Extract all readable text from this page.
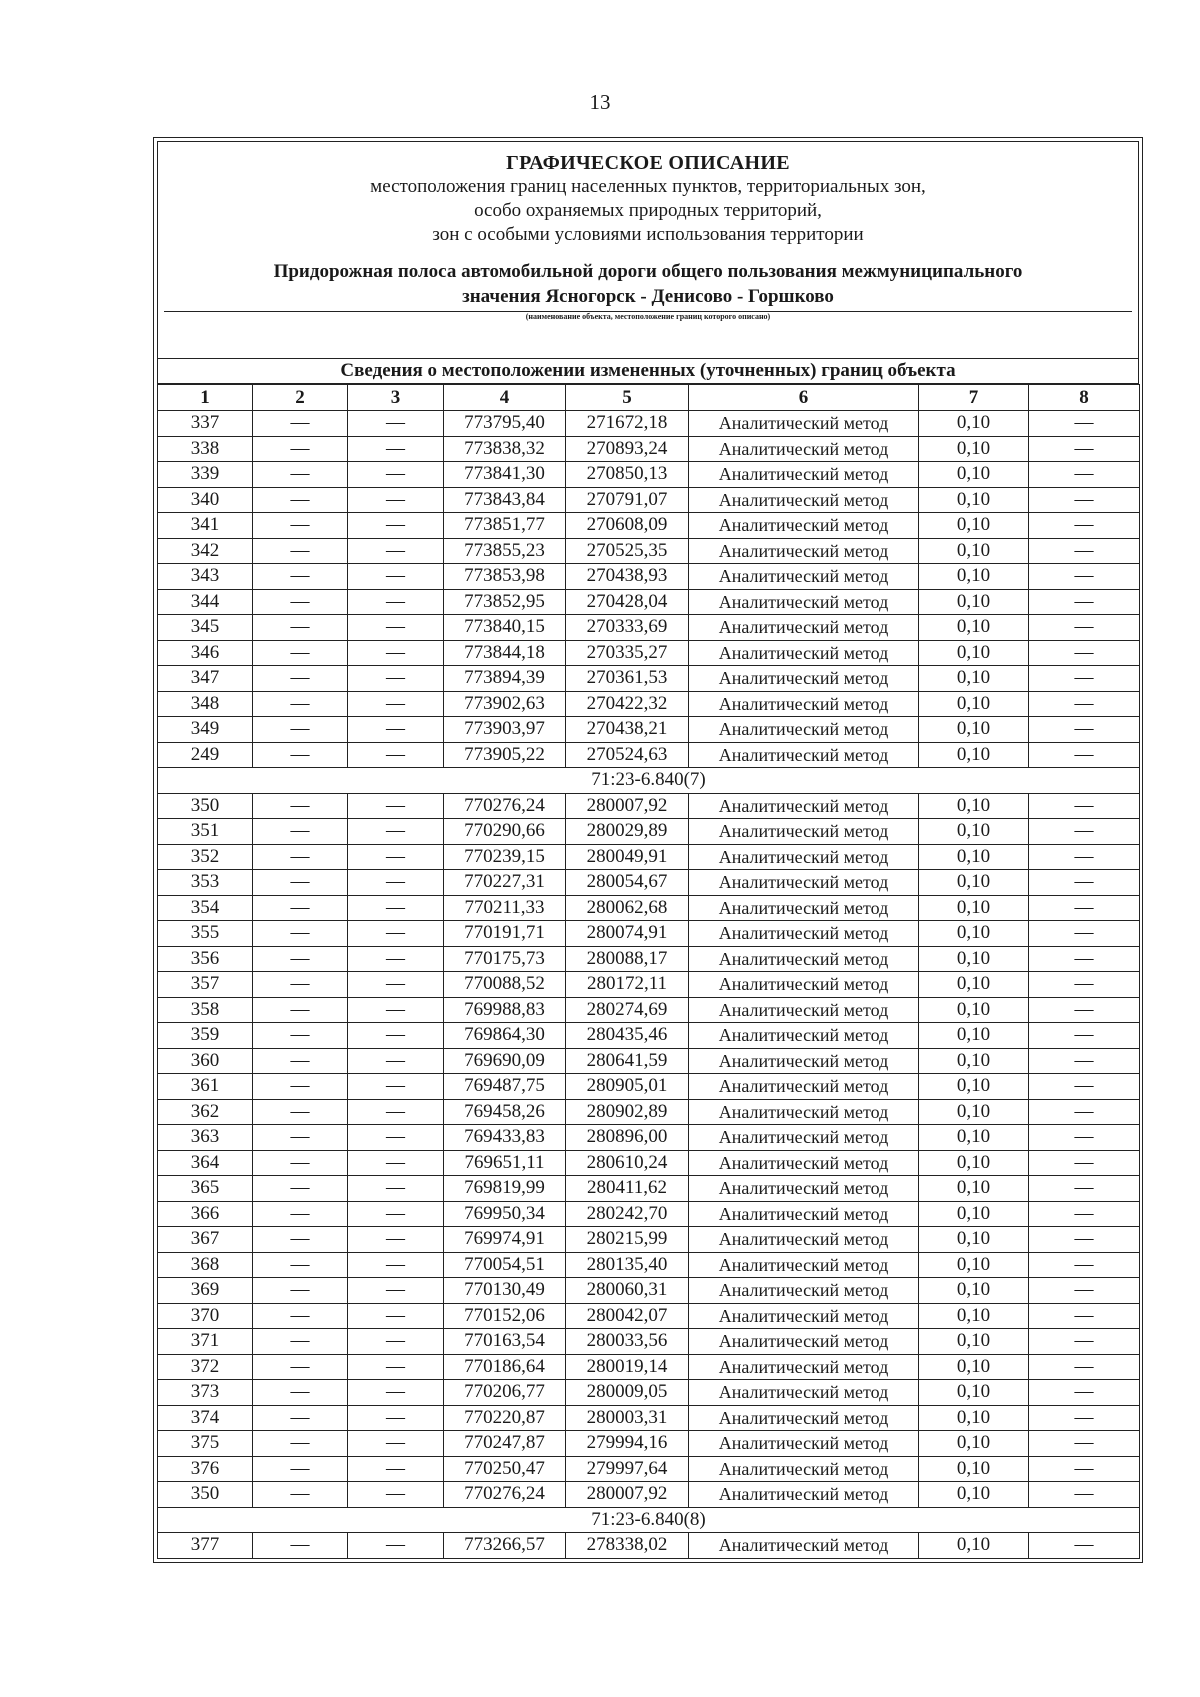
13
ГРАФИЧЕСКОЕ ОПИСАНИЕ
местоположения границ населенных пунктов, территориальных зон,
особо охраняемых природных территорий,
зон с особыми условиями использования территории
Придорожная полоса автомобильной дороги общего пользования межмуниципального
значения Ясногорск - Денисово - Горшково
(наименование объекта, местоположение границ которого описано)
Сведения о местоположении измененных (уточненных) границ объекта
1	2	3	4	5	6	7	8
337	—	—	773795,40	271672,18	Аналитический метод	0,10	—
338	—	—	773838,32	270893,24	Аналитический метод	0,10	—
339	—	—	773841,30	270850,13	Аналитический метод	0,10	—
340	—	—	773843,84	270791,07	Аналитический метод	0,10	—
341	—	—	773851,77	270608,09	Аналитический метод	0,10	—
342	—	—	773855,23	270525,35	Аналитический метод	0,10	—
343	—	—	773853,98	270438,93	Аналитический метод	0,10	—
344	—	—	773852,95	270428,04	Аналитический метод	0,10	—
345	—	—	773840,15	270333,69	Аналитический метод	0,10	—
346	—	—	773844,18	270335,27	Аналитический метод	0,10	—
347	—	—	773894,39	270361,53	Аналитический метод	0,10	—
348	—	—	773902,63	270422,32	Аналитический метод	0,10	—
349	—	—	773903,97	270438,21	Аналитический метод	0,10	—
249	—	—	773905,22	270524,63	Аналитический метод	0,10	—
71:23-6.840(7)							
350	—	—	770276,24	280007,92	Аналитический метод	0,10	—
351	—	—	770290,66	280029,89	Аналитический метод	0,10	—
352	—	—	770239,15	280049,91	Аналитический метод	0,10	—
353	—	—	770227,31	280054,67	Аналитический метод	0,10	—
354	—	—	770211,33	280062,68	Аналитический метод	0,10	—
355	—	—	770191,71	280074,91	Аналитический метод	0,10	—
356	—	—	770175,73	280088,17	Аналитический метод	0,10	—
357	—	—	770088,52	280172,11	Аналитический метод	0,10	—
358	—	—	769988,83	280274,69	Аналитический метод	0,10	—
359	—	—	769864,30	280435,46	Аналитический метод	0,10	—
360	—	—	769690,09	280641,59	Аналитический метод	0,10	—
361	—	—	769487,75	280905,01	Аналитический метод	0,10	—
362	—	—	769458,26	280902,89	Аналитический метод	0,10	—
363	—	—	769433,83	280896,00	Аналитический метод	0,10	—
364	—	—	769651,11	280610,24	Аналитический метод	0,10	—
365	—	—	769819,99	280411,62	Аналитический метод	0,10	—
366	—	—	769950,34	280242,70	Аналитический метод	0,10	—
367	—	—	769974,91	280215,99	Аналитический метод	0,10	—
368	—	—	770054,51	280135,40	Аналитический метод	0,10	—
369	—	—	770130,49	280060,31	Аналитический метод	0,10	—
370	—	—	770152,06	280042,07	Аналитический метод	0,10	—
371	—	—	770163,54	280033,56	Аналитический метод	0,10	—
372	—	—	770186,64	280019,14	Аналитический метод	0,10	—
373	—	—	770206,77	280009,05	Аналитический метод	0,10	—
374	—	—	770220,87	280003,31	Аналитический метод	0,10	—
375	—	—	770247,87	279994,16	Аналитический метод	0,10	—
376	—	—	770250,47	279997,64	Аналитический метод	0,10	—
350	—	—	770276,24	280007,92	Аналитический метод	0,10	—
71:23-6.840(8)							
377	—	—	773266,57	278338,02	Аналитический метод	0,10	—
